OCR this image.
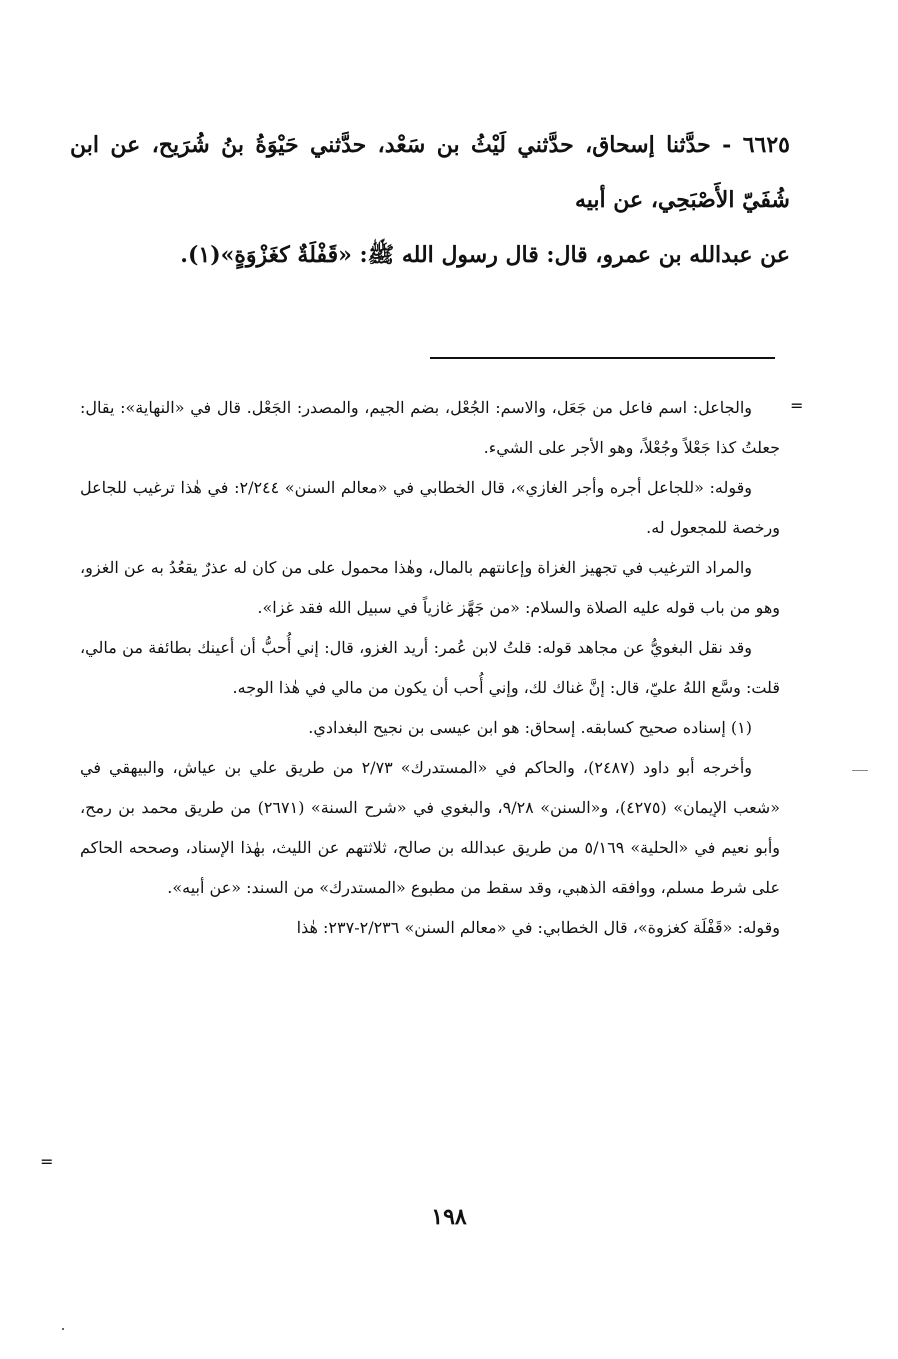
٦٦٢٥ - حدَّثنا إسحاق، حدَّثني لَيْثُ بن سَعْد، حدَّثني حَيْوَةُ بنُ شُرَيح، عن ابن شُفَيّ الأَصْبَحِي، عن أبيه

عن عبدالله بن عمرو، قال: قال رسول الله ﷺ: «قَفْلَةٌ كغَزْوَةٍ»(١).

=

والجاعل: اسم فاعل من جَعَل، والاسم: الجُعْل، بضم الجيم، والمصدر: الجَعْل. قال في «النهاية»: يقال: جعلتُ كذا جَعْلاً وجُعْلاً، وهو الأجر على الشيء.

وقوله: «للجاعل أجره وأجر الغازي»، قال الخطابي في «معالم السنن» ٢/٢٤٤: في هٰذا ترغيب للجاعل ورخصة للمجعول له.

والمراد الترغيب في تجهيز الغزاة وإعانتهم بالمال، وهٰذا محمول على من كان له عذرٌ يقعُدُ به عن الغزو، وهو من باب قوله عليه الصلاة والسلام: «من جَهَّز غازياً في سبيل الله فقد غزا».

وقد نقل البغويُّ عن مجاهد قوله: قلتُ لابن عُمر: أريد الغزو، قال: إني أُحبُّ أن أعينك بطائفة من مالي، قلت: وسَّع اللهُ عليّ، قال: إنَّ غناك لك، وإني أُحب أن يكون من مالي في هٰذا الوجه.

(١) إسناده صحيح كسابقه. إسحاق: هو ابن عيسى بن نجيح البغدادي.

وأخرجه أبو داود (٢٤٨٧)، والحاكم في «المستدرك» ٢/٧٣ من طريق علي بن عياش، والبيهقي في «شعب الإيمان» (٤٢٧٥)، و«السنن» ٩/٢٨، والبغوي في «شرح السنة» (٢٦٧١) من طريق محمد بن رمح، وأبو نعيم في «الحلية» ٥/١٦٩ من طريق عبدالله بن صالح، ثلاثتهم عن الليث، بهٰذا الإسناد، وصححه الحاكم على شرط مسلم، ووافقه الذهبي، وقد سقط من مطبوع «المستدرك» من السند: «عن أبيه».

وقوله: «قَفْلَة كغزوة»، قال الخطابي: في «معالم السنن» ٢/٢٣٦-٢٣٧: هٰذا

=
١٩٨
